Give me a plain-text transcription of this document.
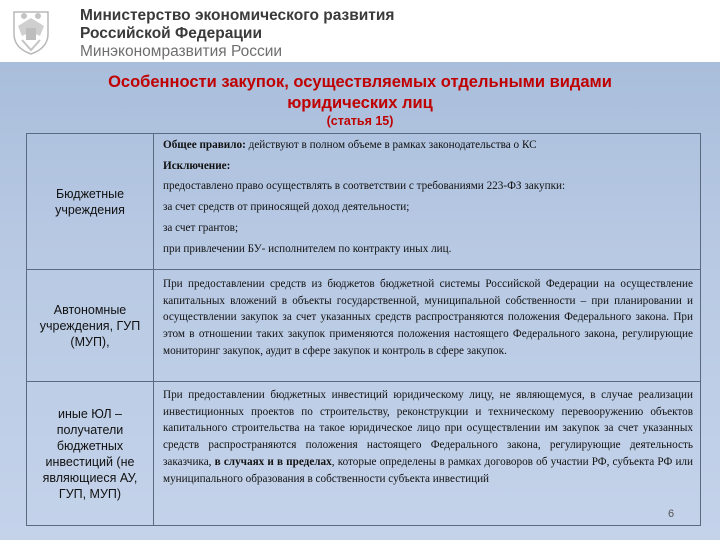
Министерство экономического развития
Российской Федерации
Минэкономразвития России
Особенности закупок, осуществляемых отдельными видами юридических лиц
(статья 15)
Бюджетные учреждения

Общее правило: действуют в полном объеме в рамках законодательства о КС

Исключение:

предоставлено право осуществлять в соответствии с требованиями 223-ФЗ закупки:

за счет средств от приносящей доход деятельности;

за счет грантов;

при привлечении БУ- исполнителем по контракту иных лиц.

Автономные учреждения, ГУП (МУП),

При предоставлении средств из бюджетов бюджетной системы Российской Федерации на осуществление капитальных вложений в объекты государственной, муниципальной собственности – при планировании и осуществлении закупок за счет указанных средств распространяются положения Федерального закона. При этом в отношении таких закупок применяются положения настоящего Федерального закона, регулирующие мониторинг закупок, аудит в сфере закупок и контроль в сфере закупок.

иные ЮЛ – получатели бюджетных инвестиций (не являющиеся АУ, ГУП, МУП)

При предоставлении бюджетных инвестиций юридическому лицу, не являющемуся, в случае реализации инвестиционных проектов по строительству, реконструкции и техническому перевооружению объектов капитального строительства на такое юридическое лицо при осуществлении им закупок за счет указанных средств распространяются положения настоящего Федерального закона, регулирующие деятельность заказчика, в случаях и в пределах, которые определены в рамках договоров об участии РФ, субъекта РФ или муниципального образования в собственности субъекта инвестиций

6
